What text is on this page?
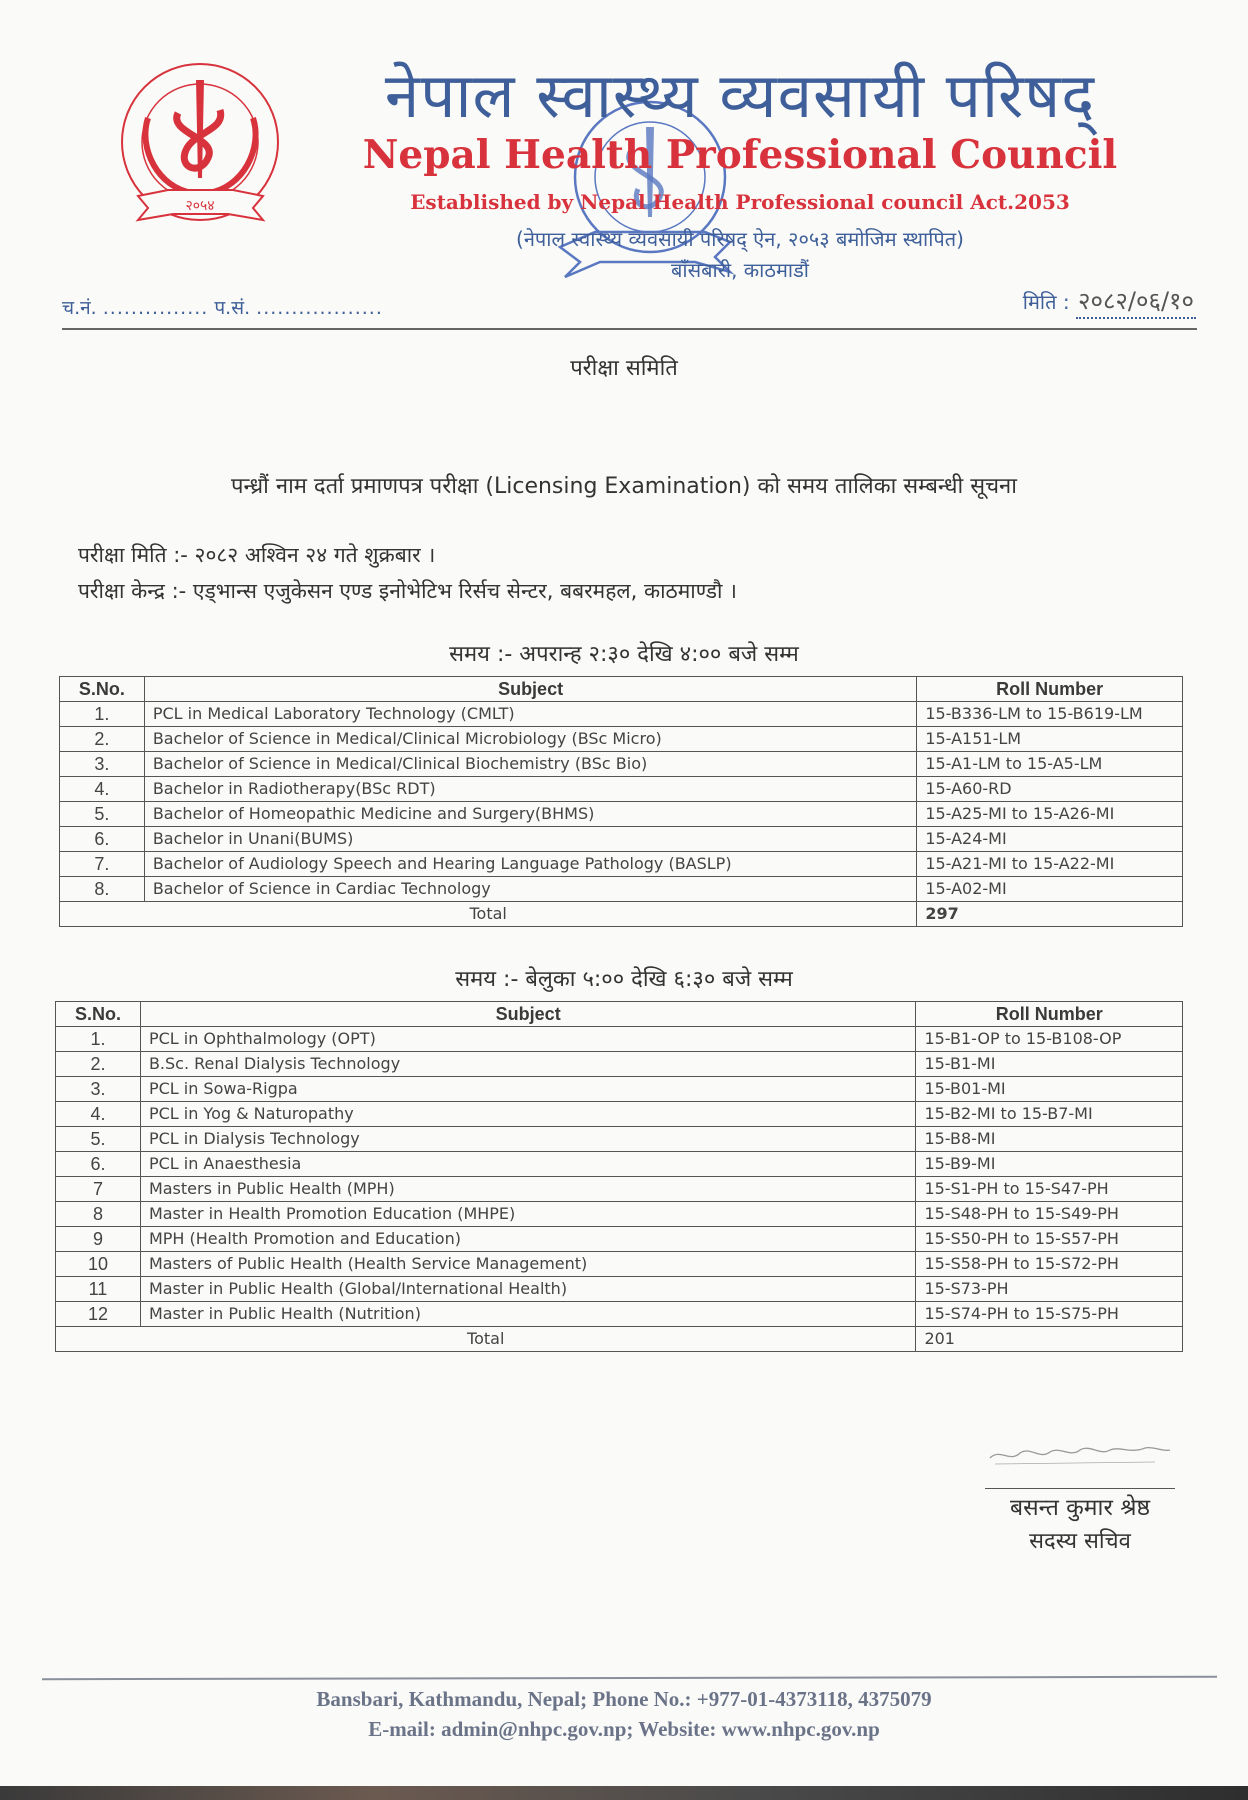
२०५४
नेपाल स्वास्थ्य व्यवसायी परिषद्
Nepal Health Professional Council
Established by Nepal Health Professional council Act.2053
(नेपाल स्वास्थ्य व्यवसायी परिषद् ऐन, २०५३ बमोजिम स्थापित)
बाँसबारी, काठमाडौं
च.नं. ............... प.सं. ..................	मिति : २०८२/०६/१०
परीक्षा समिति
पन्ध्रौं नाम दर्ता प्रमाणपत्र परीक्षा (Licensing Examination) को समय तालिका सम्बन्धी सूचना
परीक्षा मिति :- २०८२ अश्विन २४ गते शुक्रबार ।
परीक्षा केन्द्र :- एड्भान्स एजुकेसन एण्ड इनोभेटिभ रिर्सच सेन्टर, बबरमहल, काठमाण्डौ ।
समय :- अपरान्ह २:३० देखि ४:०० बजे सम्म
S.No.	Subject	Roll Number
1.	PCL in Medical Laboratory Technology (CMLT)	15-B336-LM to 15-B619-LM
2.	Bachelor of Science in Medical/Clinical Microbiology (BSc Micro)	15-A151-LM
3.	Bachelor of Science in Medical/Clinical Biochemistry (BSc Bio)	15-A1-LM to 15-A5-LM
4.	Bachelor in Radiotherapy(BSc RDT)	15-A60-RD
5.	Bachelor of Homeopathic Medicine and Surgery(BHMS)	15-A25-MI to 15-A26-MI
6.	Bachelor in Unani(BUMS)	15-A24-MI
7.	Bachelor of Audiology Speech and Hearing Language Pathology (BASLP)	15-A21-MI to 15-A22-MI
8.	Bachelor of Science in Cardiac Technology	15-A02-MI
Total		297
समय :- बेलुका ५:०० देखि ६:३० बजे सम्म
S.No.	Subject	Roll Number
1.	PCL in Ophthalmology (OPT)	15-B1-OP to 15-B108-OP
2.	B.Sc. Renal Dialysis Technology	15-B1-MI
3.	PCL in Sowa-Rigpa	15-B01-MI
4.	PCL in Yog & Naturopathy	15-B2-MI to 15-B7-MI
5.	PCL in Dialysis Technology	15-B8-MI
6.	PCL in Anaesthesia	15-B9-MI
7	Masters in Public Health (MPH)	15-S1-PH to 15-S47-PH
8	Master in Health Promotion Education (MHPE)	15-S48-PH to 15-S49-PH
9	MPH (Health Promotion and Education)	15-S50-PH to 15-S57-PH
10	Masters of Public Health (Health Service Management)	15-S58-PH to 15-S72-PH
11	Master in Public Health (Global/International Health)	15-S73-PH
12	Master in Public Health (Nutrition)	15-S74-PH to 15-S75-PH
Total		201
बसन्त कुमार श्रेष्ठ
सदस्य सचिव
Bansbari, Kathmandu, Nepal; Phone No.: +977-01-4373118, 4375079
E-mail: admin@nhpc.gov.np; Website: www.nhpc.gov.np
